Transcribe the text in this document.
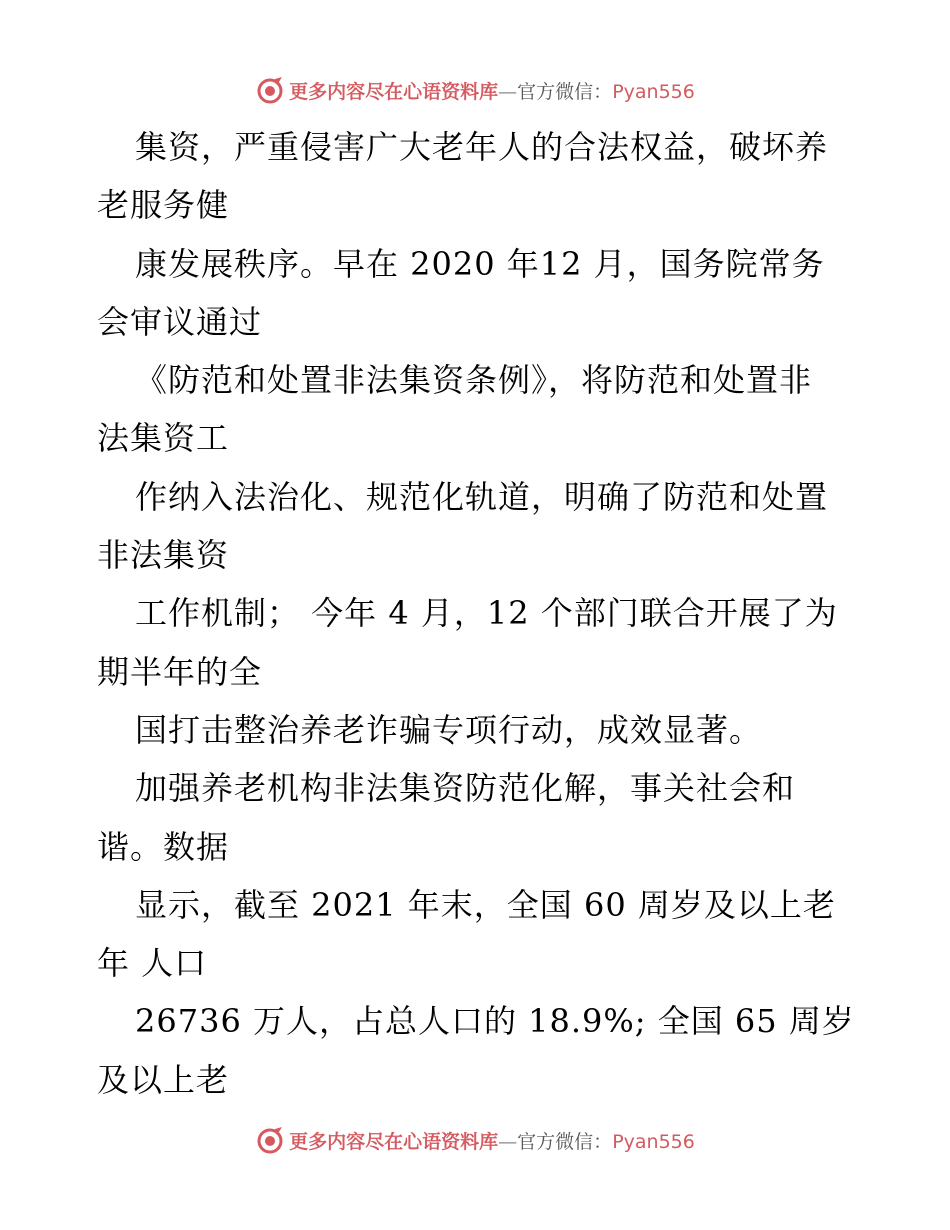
更多内容尽在心语资料库—官方微信：Pyan556
集资，严重侵害广大老年人的合法权益，破坏养
老服务健
康发展秩序。早在 2020 年12 月，国务院常务
会审议通过
《防范和处置非法集资条例》，将防范和处置非
法集资工
作纳入法治化、规范化轨道，明确了防范和处置
非法集资
工作机制； 今年 4 月，12 个部门联合开展了为
期半年的全
国打击整治养老诈骗专项行动，成效显著。
加强养老机构非法集资防范化解，事关社会和
谐。数据
显示，截至 2021 年末，全国 60 周岁及以上老
年 人口
26736 万人，占总人口的 18.9%; 全国 65 周岁
及以上老
更多内容尽在心语资料库—官方微信：Pyan556
